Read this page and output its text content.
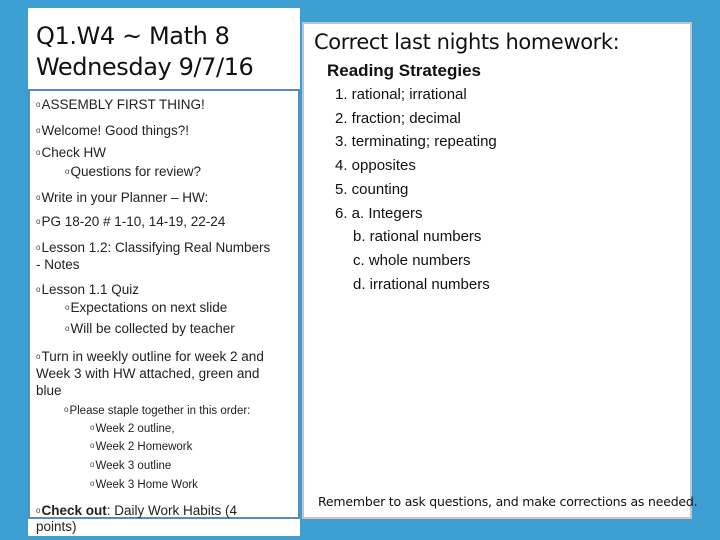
Q1.W4 ~ Math 8
Wednesday 9/7/16
Correct last nights homework:
oASSEMBLY FIRST THING!
oWelcome! Good things?!
oCheck HW
oQuestions for review?
oWrite in your Planner – HW:
oPG 18-20 # 1-10, 14-19, 22-24
oLesson 1.2: Classifying Real Numbers
- Notes
oLesson 1.1 Quiz
oExpectations on next slide
oWill be collected by teacher
oTurn in weekly outline for week 2 and
Week 3 with HW attached, green and
blue
oPlease staple together in this order:
oWeek 2 outline,
oWeek 2 Homework
oWeek 3 outline
oWeek 3 Home Work
oCheck out: Daily Work Habits (4
points)
Reading Strategies
1. rational; irrational
2. fraction; decimal
3. terminating; repeating
4. opposites
5. counting
6. a. Integers
b. rational numbers
c. whole numbers
d. irrational numbers
Remember to ask questions, and make corrections as needed.
